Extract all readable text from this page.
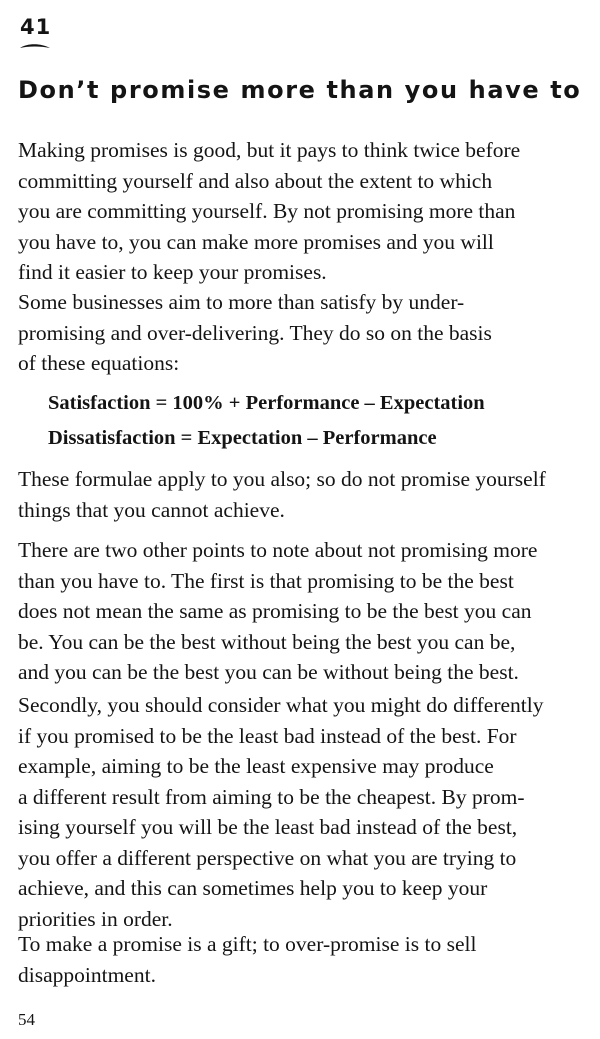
41
Don’t promise more than you have to

Making promises is good, but it pays to think twice before
committing yourself and also about the extent to which
you are committing yourself. By not promising more than
you have to, you can make more promises and you will
find it easier to keep your promises.

Some businesses aim to more than satisfy by under-
promising and over-delivering. They do so on the basis
of these equations:

Satisfaction = 100% + Performance – Expectation
Dissatisfaction = Expectation – Performance

These formulae apply to you also; so do not promise yourself
things that you cannot achieve.

There are two other points to note about not promising more
than you have to. The first is that promising to be the best
does not mean the same as promising to be the best you can
be. You can be the best without being the best you can be,
and you can be the best you can be without being the best.

Secondly, you should consider what you might do differently
if you promised to be the least bad instead of the best. For
example, aiming to be the least expensive may produce
a different result from aiming to be the cheapest. By prom-
ising yourself you will be the least bad instead of the best,
you offer a different perspective on what you are trying to
achieve, and this can sometimes help you to keep your
priorities in order.

To make a promise is a gift; to over-promise is to sell
disappointment.

54
